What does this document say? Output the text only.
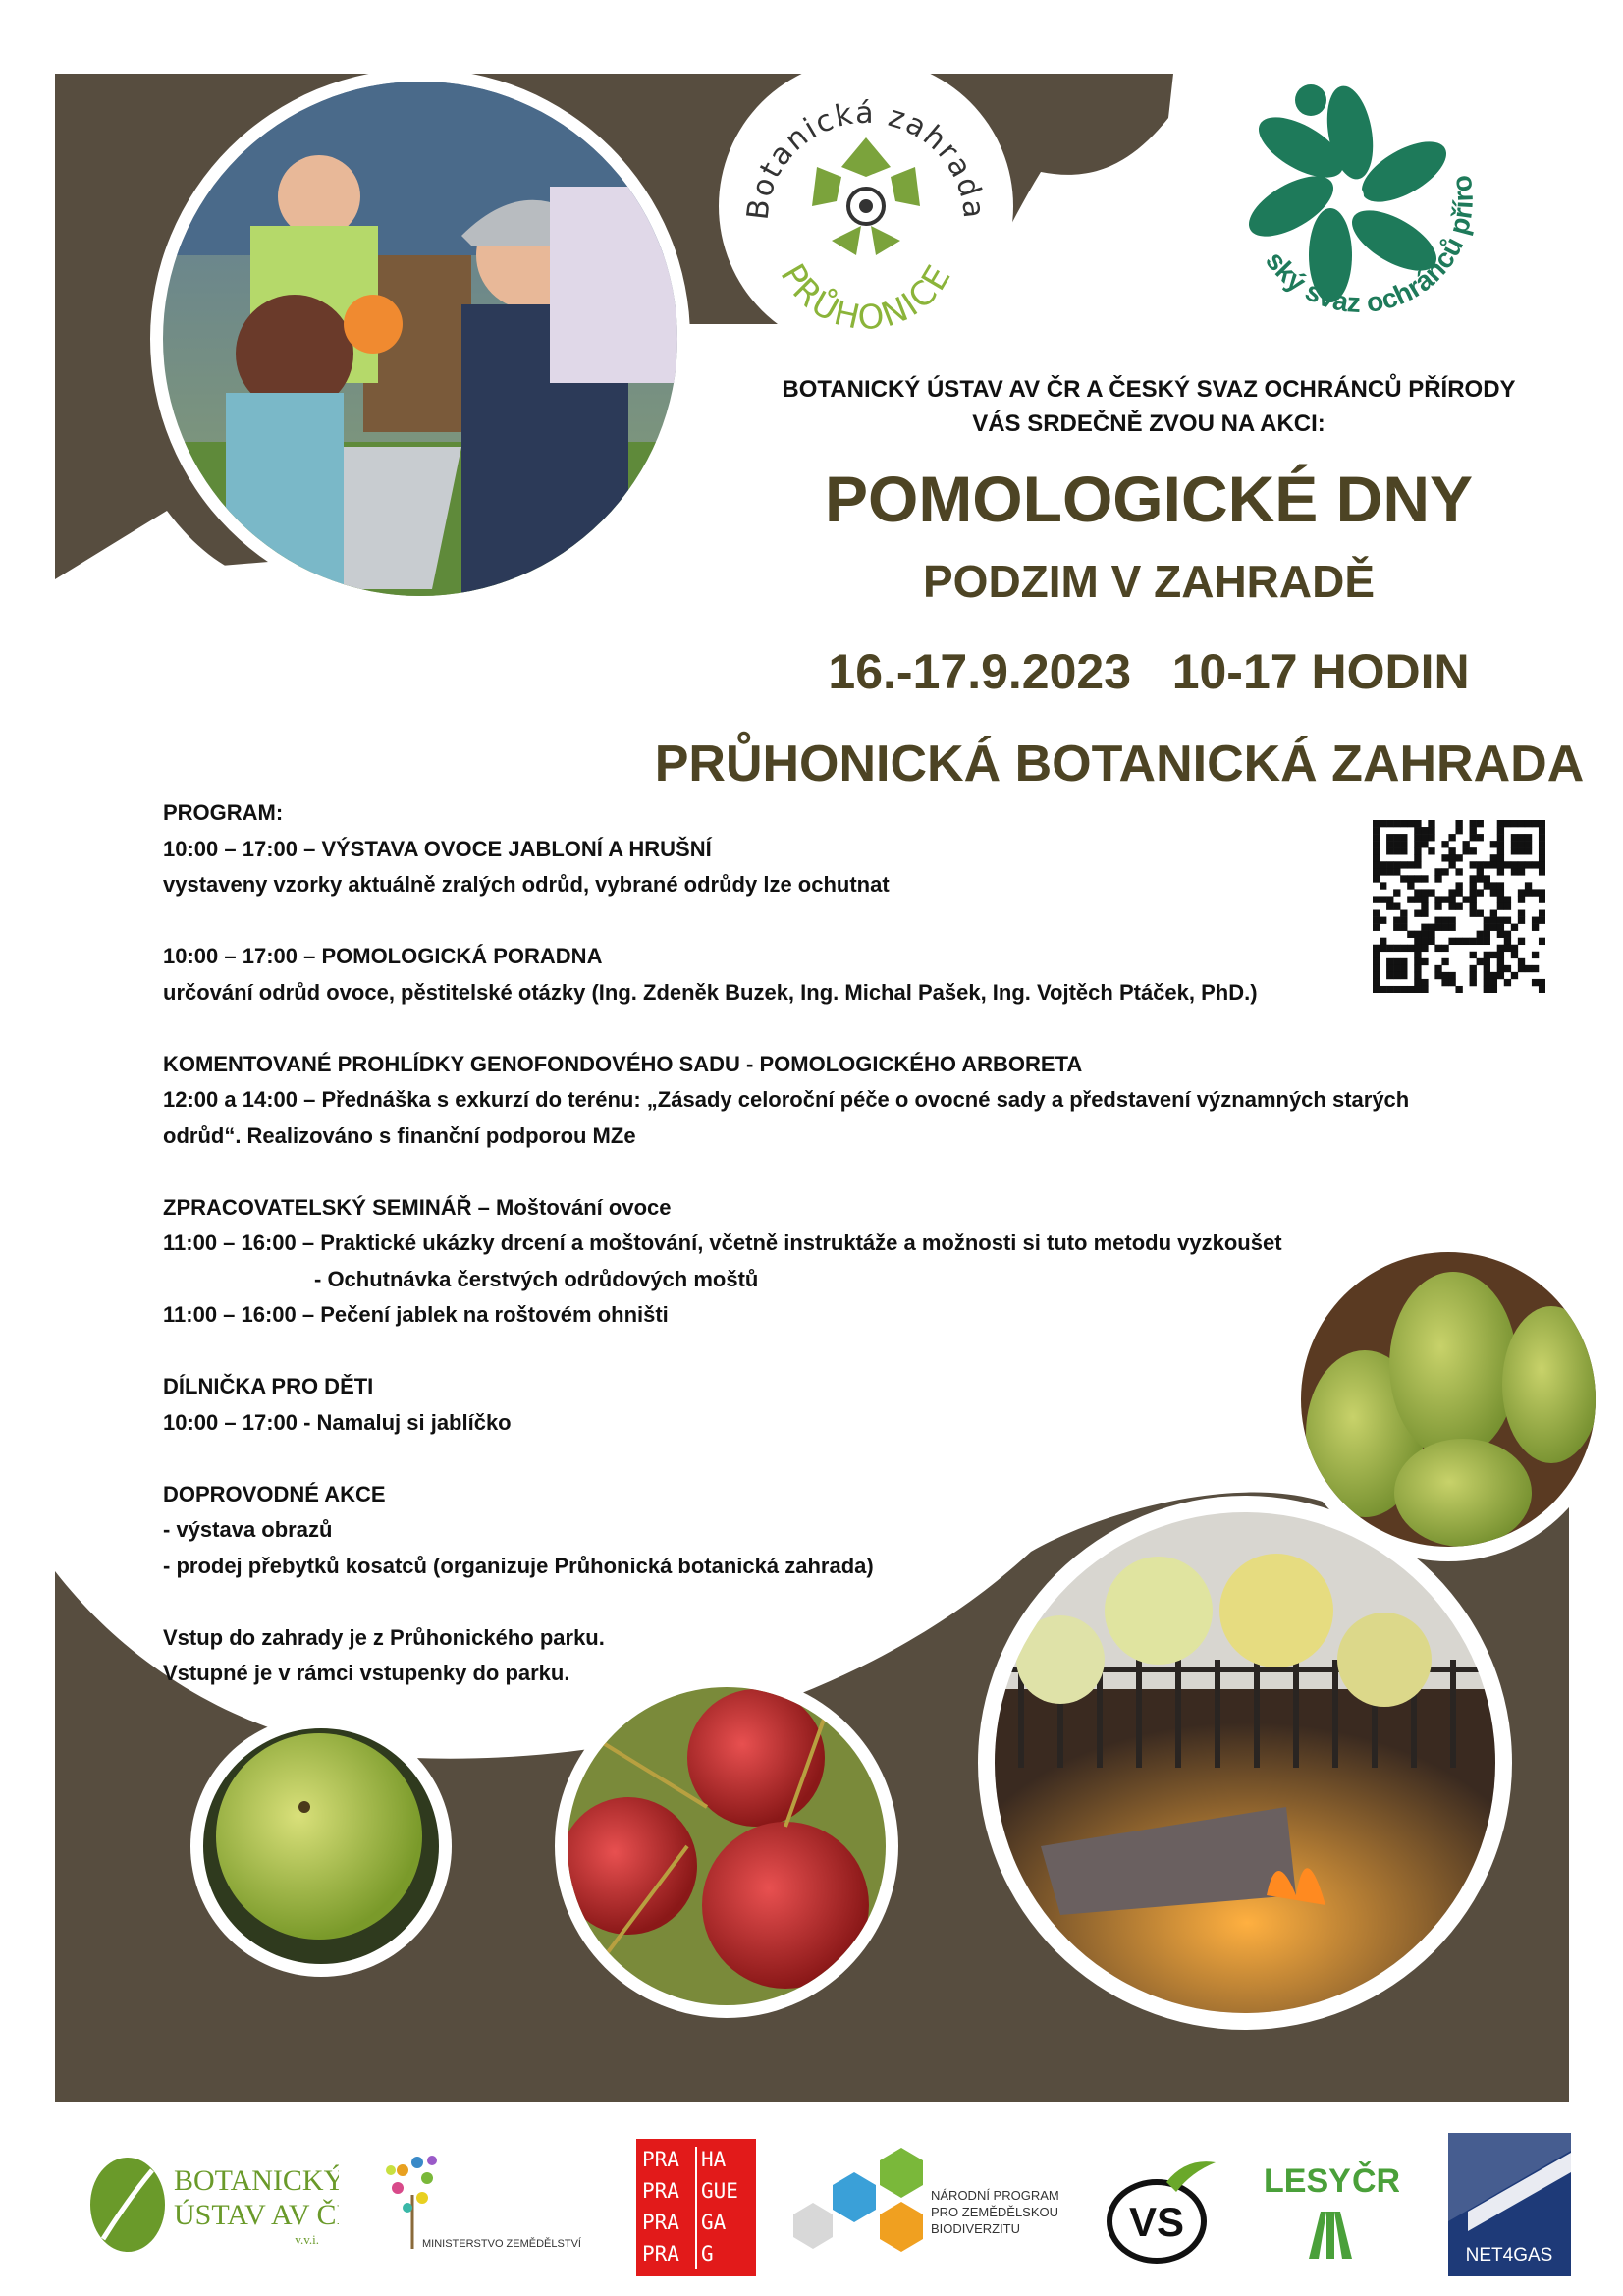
Botanická zahrada
PRŮHONICE	ský svaz ochránců příro
BOTANICKÝ ÚSTAV AV ČR A ČESKÝ SVAZ OCHRÁNCŮ PŘÍRODY
VÁS SRDEČNĚ ZVOU NA AKCI:
POMOLOGICKÉ DNY
PODZIM V ZAHRADĚ
16.-17.9.2023   10-17 HODIN
PRŮHONICKÁ BOTANICKÁ ZAHRADA
PROGRAM:
10:00 – 17:00 – VÝSTAVA OVOCE JABLONÍ A HRUŠNÍ
vystaveny vzorky aktuálně zralých odrůd, vybrané odrůdy lze ochutnat
10:00 – 17:00 – POMOLOGICKÁ PORADNA
určování odrůd ovoce, pěstitelské otázky (Ing. Zdeněk Buzek, Ing. Michal Pašek, Ing. Vojtěch Ptáček, PhD.)
KOMENTOVANÉ PROHLÍDKY GENOFONDOVÉHO SADU - POMOLOGICKÉHO ARBORETA
12:00 a 14:00 – Přednáška s exkurzí do terénu: „Zásady celoroční péče o ovocné sady a představení významných starých
odrůd“. Realizováno s finanční podporou MZe
ZPRACOVATELSKÝ SEMINÁŘ – Moštování ovoce
11:00 – 16:00 – Praktické ukázky drcení a moštování, včetně instruktáže a možnosti si tuto metodu vyzkoušet
- Ochutnávka čerstvých odrůdových moštů
11:00 – 16:00 – Pečení jablek na roštovém ohništi
DÍLNIČKA PRO DĚTI
10:00 – 17:00 - Namaluj si jablíčko
DOPROVODNÉ AKCE
- výstava obrazů
- prodej přebytků kosatců (organizuje Průhonická botanická zahrada)
Vstup do zahrady je z Průhonického parku.
Vstupné je v rámci vstupenky do parku.
BOTANICKÝ
ÚSTAV AV ČR
v.v.i.	MINISTERSTVO ZEMĚDĚLSTVÍ
PRA
PRA
PRA
PRA
HA
GUE
GA
G
NÁRODNÍ PROGRAM
PRO ZEMĚDĚLSKOU
BIODIVERZITU	VS
LESY ČR
NET4GAS
